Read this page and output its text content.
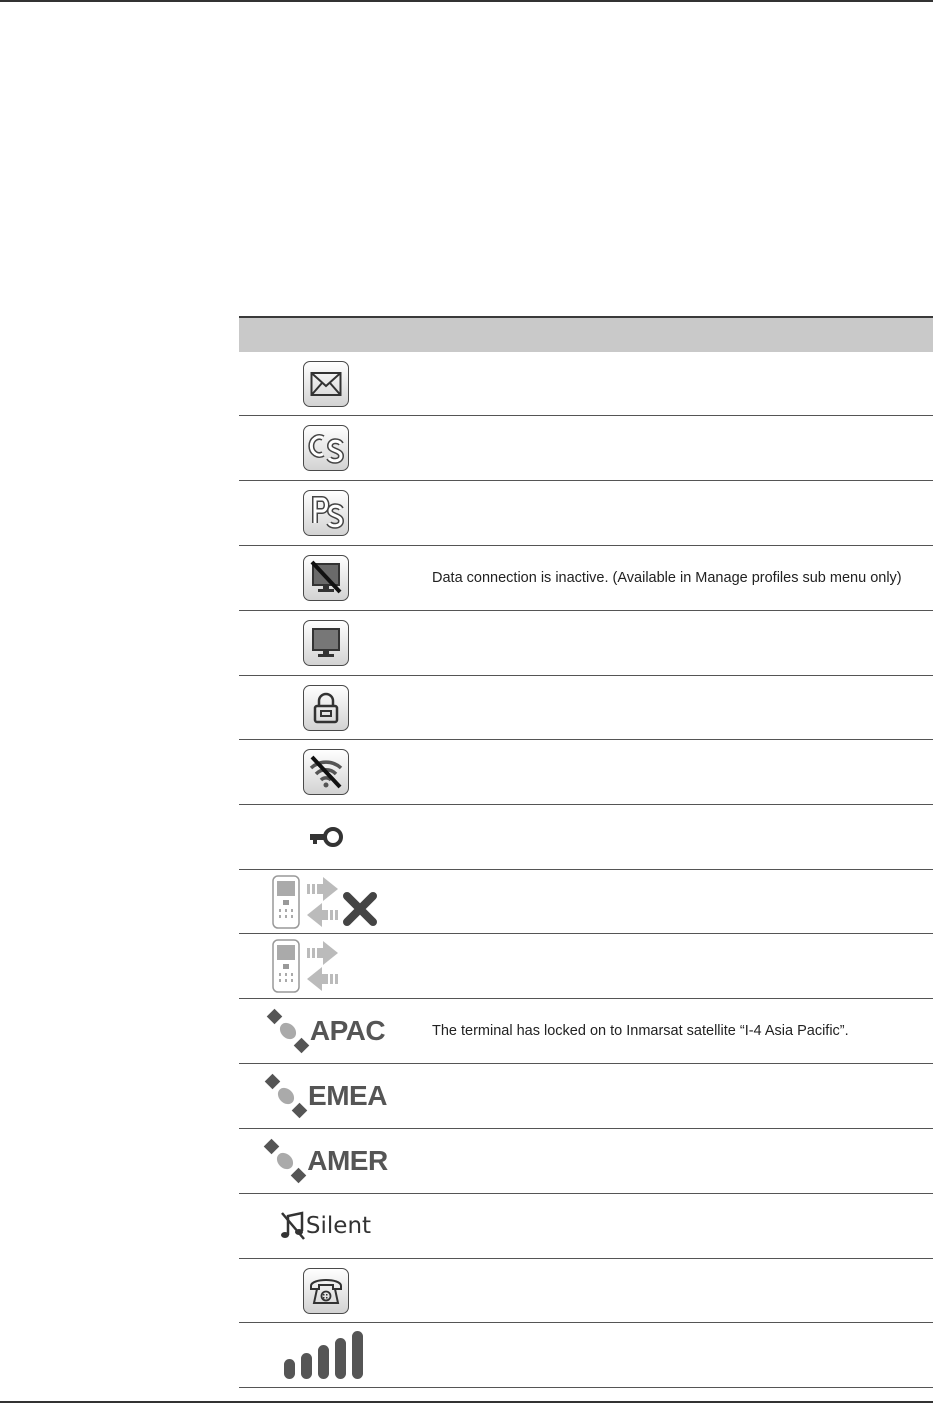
Data connection is inactive. (Available in Manage profiles sub menu only)
APAC	The terminal has locked on to Inmarsat satellite “I-4 Asia Pacific”.
EMEA
AMER
Silent
